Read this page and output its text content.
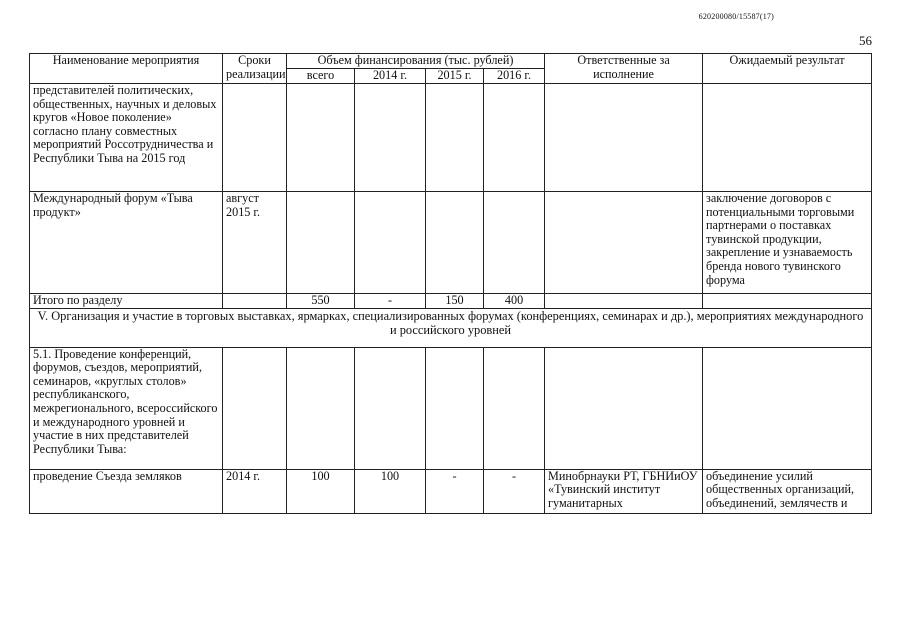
620200080/15587(17)
56
Наименование мероприятия	Сроки реализации	Объем финансирования (тыс. рублей)				Ответственные за исполнение	Ожидаемый результат
		всего	2014 г.	2015 г.	2016 г.		
представителей политических, общественных, научных и деловых кругов «Новое поколение» согласно плану совместных мероприятий Россотрудничества и Республики Тыва на 2015 год							
Международный форум «Тыва продукт»	август 2015 г.						заключение договоров с потенциальными торговыми партнерами о поставках тувинской продукции, закрепление и узнаваемость бренда нового тувинского форума
Итого по разделу		550	-	150	400		
V. Организация и участие в торговых выставках, ярмарках, специализированных форумах (конференциях, семинарах и др.), мероприятиях международного и российского уровней							
5.1. Проведение конференций, форумов, съездов, мероприятий, семинаров, «круглых столов» республиканского, межрегионального, всероссийского и международного уровней и участие в них представителей Республики Тыва:							
проведение Съезда земляков	2014 г.	100	100	-	-	Минобрнауки РТ, ГБНИиОУ «Тувинский институт гуманитарных	объединение усилий общественных организаций, объединений, землячеств и
